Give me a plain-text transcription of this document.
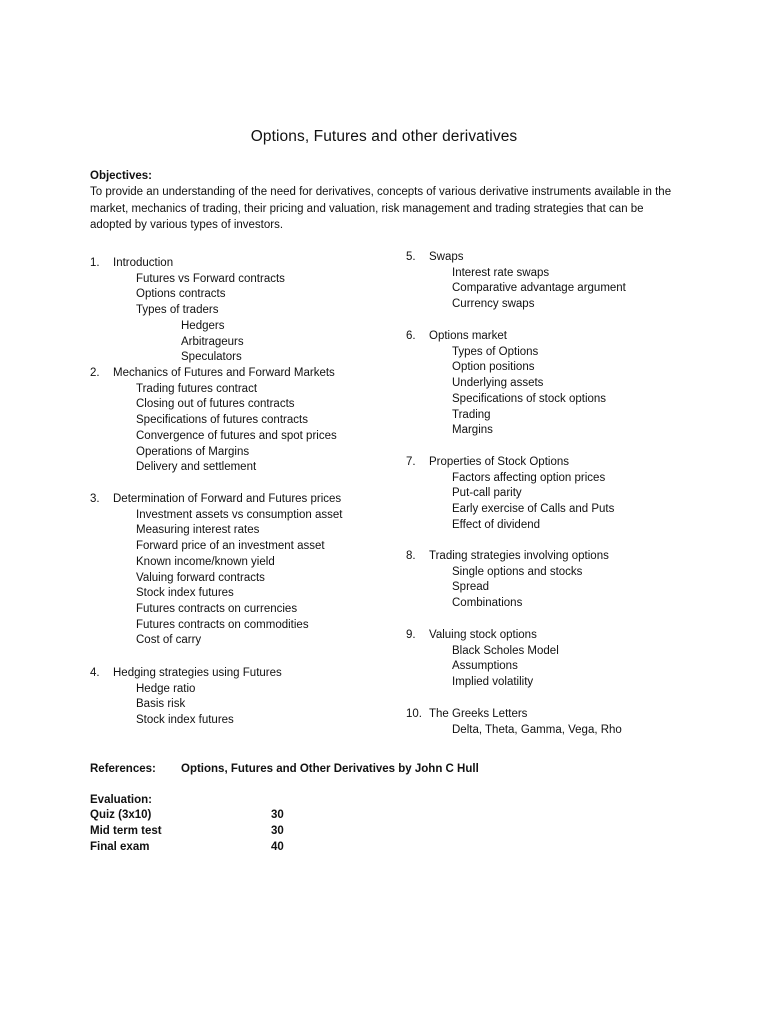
Options, Futures and other derivatives
Objectives:
To provide an understanding of the need for derivatives, concepts of various derivative instruments available in the market, mechanics of trading, their pricing and valuation, risk management and trading strategies that can be adopted by various types of investors.
1. Introduction
Futures vs Forward contracts
Options contracts
Types of traders
Hedgers
Arbitrageurs
Speculators
2. Mechanics of Futures and Forward Markets
Trading futures contract
Closing out of futures contracts
Specifications of futures contracts
Convergence of futures and spot prices
Operations of Margins
Delivery and settlement
3. Determination of Forward and Futures prices
Investment assets vs consumption asset
Measuring interest rates
Forward price of an investment asset
Known income/known yield
Valuing forward contracts
Stock index futures
Futures contracts on currencies
Futures contracts on commodities
Cost of carry
4. Hedging strategies using Futures
Hedge ratio
Basis risk
Stock index futures
5. Swaps
Interest rate swaps
Comparative advantage argument
Currency swaps
6. Options market
Types of Options
Option positions
Underlying assets
Specifications of stock options
Trading
Margins
7. Properties of Stock Options
Factors affecting option prices
Put-call parity
Early exercise of Calls and Puts
Effect of dividend
8. Trading strategies involving options
Single options and stocks
Spread
Combinations
9. Valuing stock options
Black Scholes Model
Assumptions
Implied volatility
10. The Greeks Letters
Delta, Theta, Gamma, Vega, Rho
References: Options, Futures and Other Derivatives by John C Hull
Evaluation:
Quiz (3x10)	30
Mid term test	30
Final exam	40
